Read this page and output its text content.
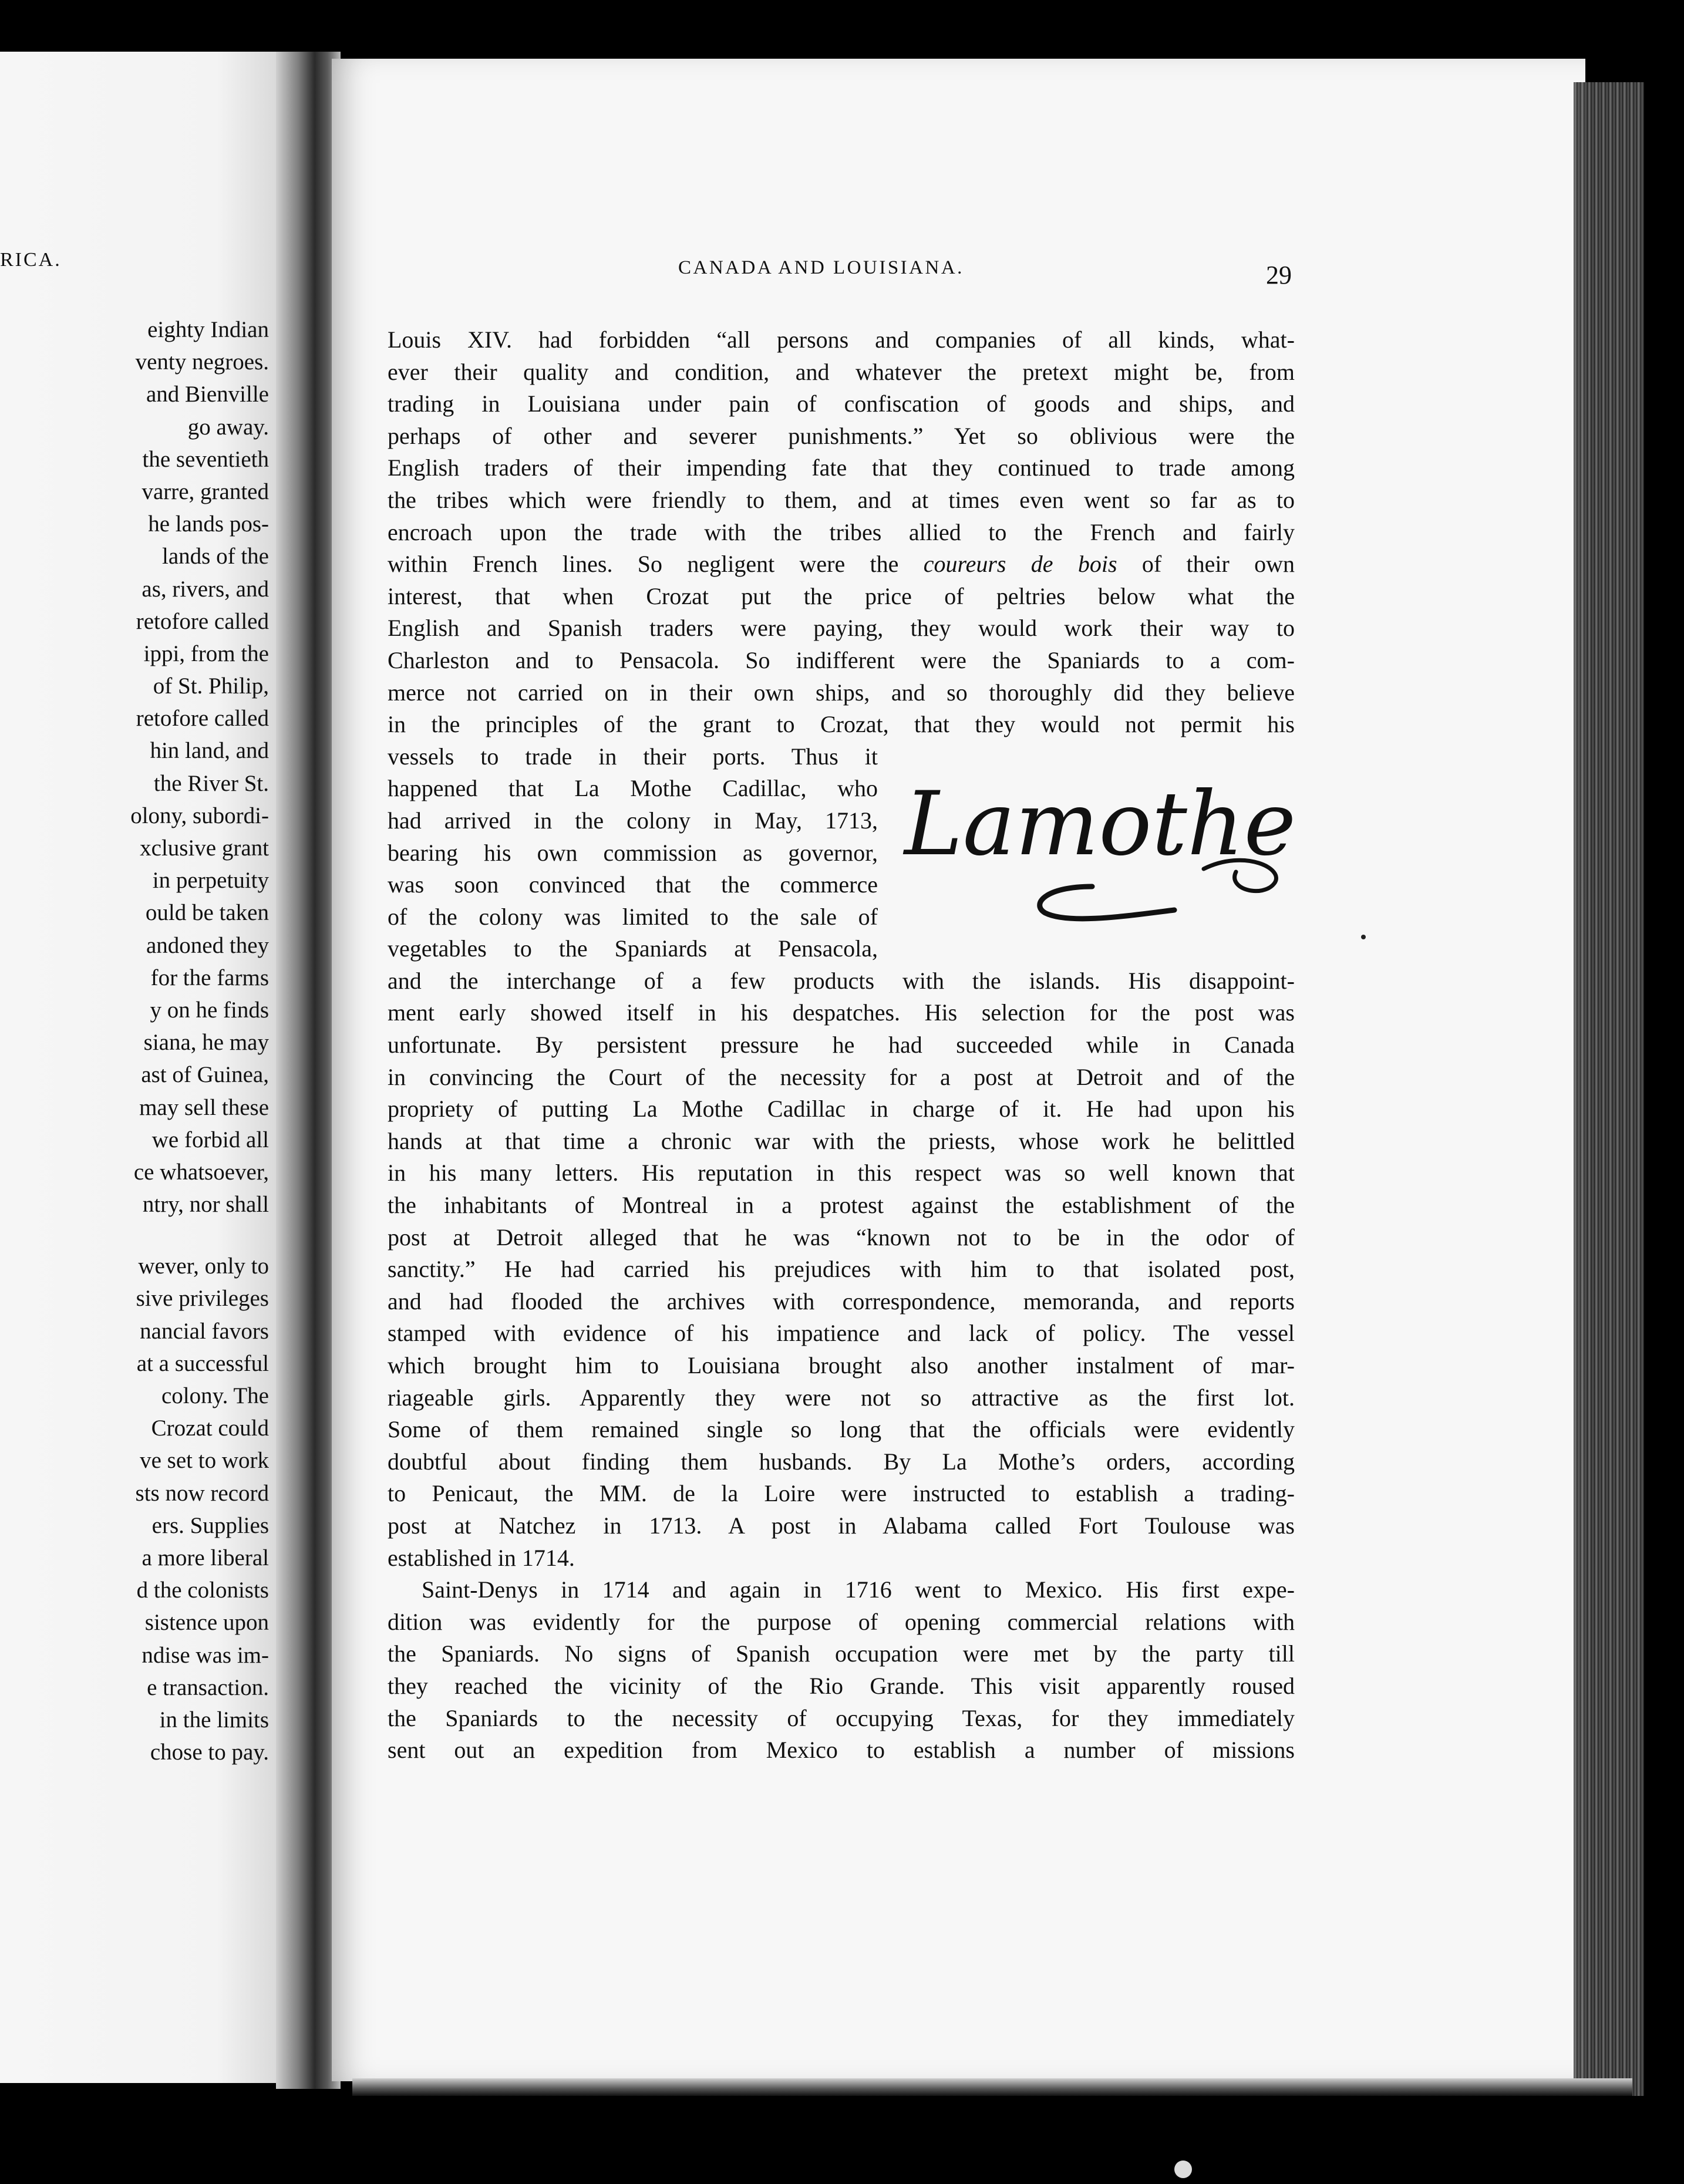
RICA.
eighty Indian
venty negroes.
and Bienville
go away.
the seventieth
varre, granted
he lands pos-
lands of the
as, rivers, and
retofore called
ippi, from the
of St. Philip,
retofore called
hin land, and
the River St.
olony, subordi-
xclusive grant
in perpetuity
ould be taken
andoned they
for the farms
y on he finds
siana, he may
ast of Guinea,
may sell these
we forbid all
ce whatsoever,
ntry, nor shall
wever, only to
sive privileges
nancial favors
at a successful
colony. The
Crozat could
ve set to work
sts now record
ers. Supplies
a more liberal
d the colonists
sistence upon
ndise was im-
e transaction.
in the limits
chose to pay.
CANADA AND LOUISIANA.	29
Louis XIV. had forbidden “all persons and companies of all kinds, what-
ever their quality and condition, and whatever the pretext might be, from
trading in Louisiana under pain of confiscation of goods and ships, and
perhaps of other and severer punishments.” Yet so oblivious were the
English traders of their impending fate that they continued to trade among
the tribes which were friendly to them, and at times even went so far as to
encroach upon the trade with the tribes allied to the French and fairly
within French lines. So negligent were the coureurs de bois of their own
interest, that when Crozat put the price of peltries below what the
English and Spanish traders were paying, they would work their way to
Charleston and to Pensacola. So indifferent were the Spaniards to a com-
merce not carried on in their own ships, and so thoroughly did they believe
in the principles of the grant to Crozat, that they would not permit his
vessels to trade in their ports. Thus it
happened that La Mothe Cadillac, who
had arrived in the colony in May, 1713,
bearing his own commission as governor,
was soon convinced that the commerce
of the colony was limited to the sale of
vegetables to the Spaniards at Pensacola,
and the interchange of a few products with the islands. His disappoint-
ment early showed itself in his despatches. His selection for the post was
unfortunate. By persistent pressure he had succeeded while in Canada
in convincing the Court of the necessity for a post at Detroit and of the
propriety of putting La Mothe Cadillac in charge of it. He had upon his
hands at that time a chronic war with the priests, whose work he belittled
in his many letters. His reputation in this respect was so well known that
the inhabitants of Montreal in a protest against the establishment of the
post at Detroit alleged that he was “known not to be in the odor of
sanctity.” He had carried his prejudices with him to that isolated post,
and had flooded the archives with correspondence, memoranda, and reports
stamped with evidence of his impatience and lack of policy. The vessel
which brought him to Louisiana brought also another instalment of mar-
riageable girls. Apparently they were not so attractive as the first lot.
Some of them remained single so long that the officials were evidently
doubtful about finding them husbands. By La Mothe’s orders, according
to Penicaut, the MM. de la Loire were instructed to establish a trading-
post at Natchez in 1713. A post in Alabama called Fort Toulouse was
established in 1714.
Saint-Denys in 1714 and again in 1716 went to Mexico. His first expe-
dition was evidently for the purpose of opening commercial relations with
the Spaniards. No signs of Spanish occupation were met by the party till
they reached the vicinity of the Rio Grande. This visit apparently roused
the Spaniards to the necessity of occupying Texas, for they immediately
sent out an expedition from Mexico to establish a number of missions
Lamothe
